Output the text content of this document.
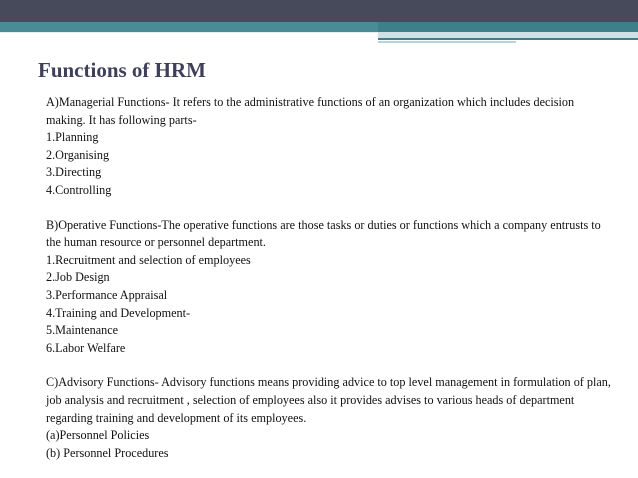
Functions of HRM

A)Managerial Functions- It refers to the administrative functions of an organization which includes decision making. It has following parts-

1.Planning

2.Organising

3.Directing

4.Controlling

B)Operative Functions-The operative functions are those tasks or duties or functions which a company entrusts to the human resource or personnel department.

1.Recruitment and selection of employees

2.Job Design

3.Performance Appraisal

4.Training and Development-

5.Maintenance

6.Labor Welfare

C)Advisory Functions- Advisory functions means providing advice to top level management in formulation of plan, job analysis and recruitment , selection of employees also it provides advises to various heads of department regarding training and development of its employees.

(a)Personnel Policies

(b) Personnel Procedures
